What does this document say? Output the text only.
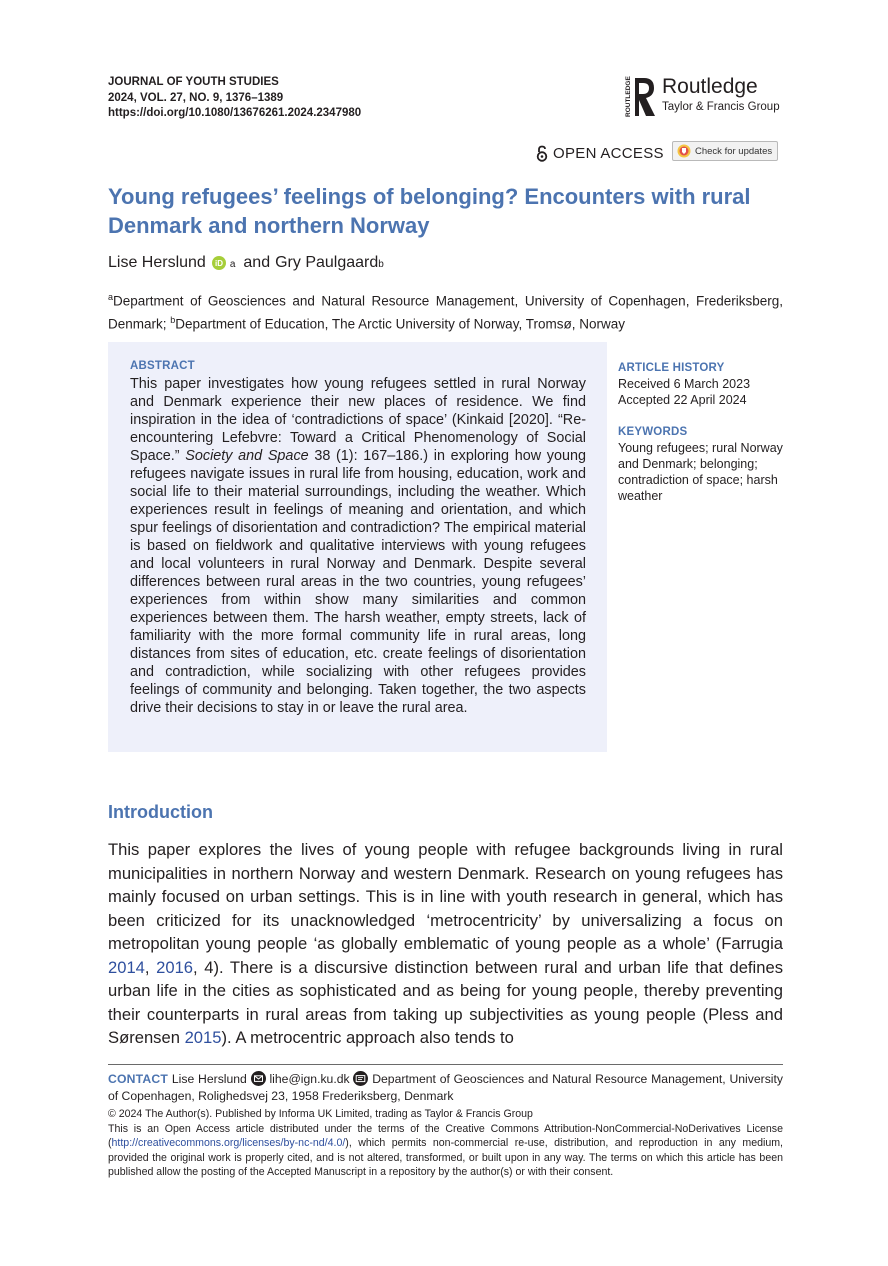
JOURNAL OF YOUTH STUDIES
2024, VOL. 27, NO. 9, 1376–1389
https://doi.org/10.1080/13676261.2024.2347980	ROUTLEDGE Routledge
Taylor & Francis Group
OPEN ACCESS	Check for updates
Young refugees’ feelings of belonging? Encounters with rural Denmark and northern Norway
Lise Herslund iD a and Gry Paulgaard b
$^a$Department of Geosciences and Natural Resource Management, University of Copenhagen, Frederiksberg, Denmark; $^b$Department of Education, The Arctic University of Norway, Tromsø, Norway
ABSTRACT
This paper investigates how young refugees settled in rural Norway and Denmark experience their new places of residence. We find inspiration in the idea of ‘contradictions of space’ (Kinkaid [2020]. “Re-encountering Lefebvre: Toward a Critical Phenomenology of Social Space.” Society and Space 38 (1): 167–186.) in exploring how young refugees navigate issues in rural life from housing, education, work and social life to their material surroundings, including the weather. Which experiences result in feelings of meaning and orientation, and which spur feelings of disorientation and contradiction? The empirical material is based on fieldwork and qualitative interviews with young refugees and local volunteers in rural Norway and Denmark. Despite several differences between rural areas in the two countries, young refugees’ experiences from within show many similarities and common experiences between them. The harsh weather, empty streets, lack of familiarity with the more formal community life in rural areas, long distances from sites of education, etc. create feelings of disorientation and contradiction, while socializing with other refugees provides feelings of community and belonging. Taken together, the two aspects drive their decisions to stay in or leave the rural area.
ARTICLE HISTORY
Received 6 March 2023
Accepted 22 April 2024
KEYWORDS
Young refugees; rural Norway and Denmark; belonging; contradiction of space; harsh weather
Introduction
This paper explores the lives of young people with refugee backgrounds living in rural municipalities in northern Norway and western Denmark. Research on young refugees has mainly focused on urban settings. This is in line with youth research in general, which has been criticized for its unacknowledged ‘metrocentricity’ by universalizing a focus on metropolitan young people ‘as globally emblematic of young people as a whole’ (Farrugia 2014, 2016, 4). There is a discursive distinction between rural and urban life that defines urban life in the cities as sophisticated and as being for young people, thereby preventing their counterparts in rural areas from taking up subjectivities as young people (Pless and Sørensen 2015). A metrocentric approach also tends to
CONTACT Lise Herslund lihe@ign.ku.dk Department of Geosciences and Natural Resource Management, University of Copenhagen, Rolighedsvej 23, 1958 Frederiksberg, Denmark
© 2024 The Author(s). Published by Informa UK Limited, trading as Taylor & Francis Group
This is an Open Access article distributed under the terms of the Creative Commons Attribution-NonCommercial-NoDerivatives License (http://creativecommons.org/licenses/by-nc-nd/4.0/), which permits non-commercial re-use, distribution, and reproduction in any medium, provided the original work is properly cited, and is not altered, transformed, or built upon in any way. The terms on which this article has been published allow the posting of the Accepted Manuscript in a repository by the author(s) or with their consent.
